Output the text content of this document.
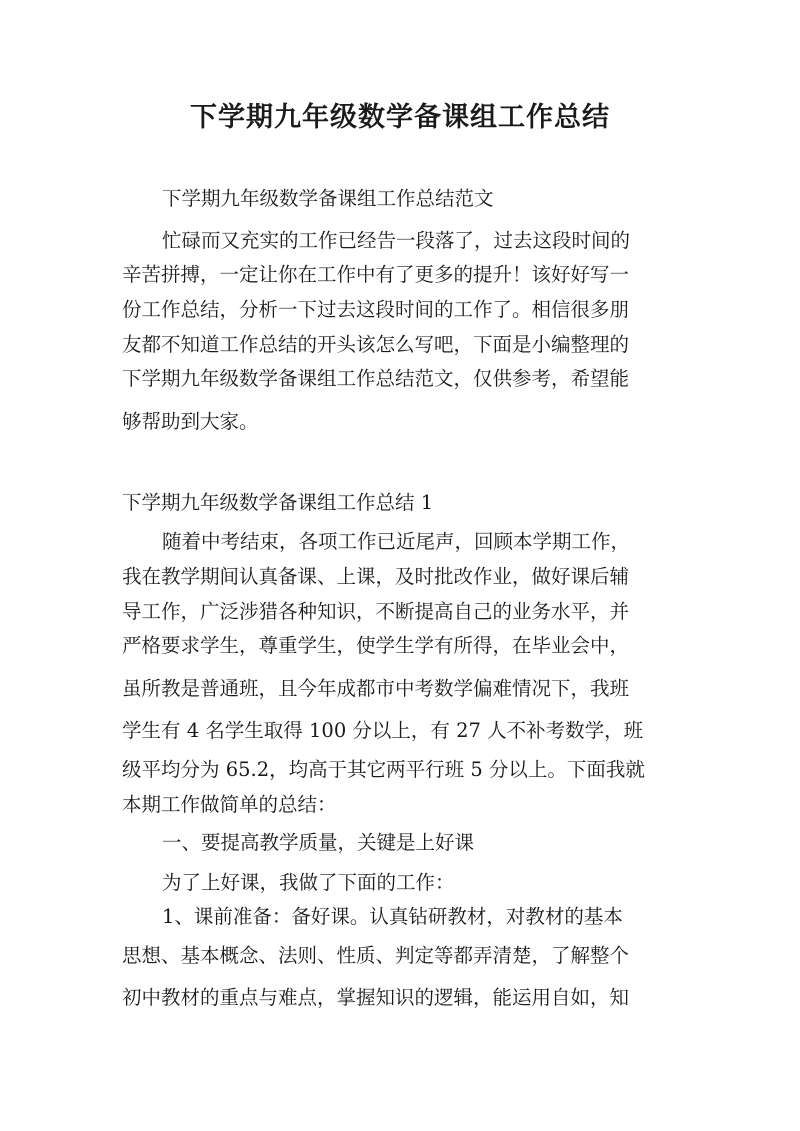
下学期九年级数学备课组工作总结

下学期九年级数学备课组工作总结范文

忙碌而又充实的工作已经告一段落了，过去这段时间的

辛苦拼搏，一定让你在工作中有了更多的提升！该好好写一

份工作总结，分析一下过去这段时间的工作了。相信很多朋

友都不知道工作总结的开头该怎么写吧，下面是小编整理的

下学期九年级数学备课组工作总结范文，仅供参考，希望能

够帮助到大家。

下学期九年级数学备课组工作总结 1

随着中考结束，各项工作已近尾声，回顾本学期工作，

我在教学期间认真备课、上课，及时批改作业，做好课后辅

导工作，广泛涉猎各种知识，不断提高自己的业务水平，并

严格要求学生，尊重学生，使学生学有所得，在毕业会中，

虽所教是普通班，且今年成都市中考数学偏难情况下，我班

学生有 4 名学生取得 100 分以上，有 27 人不补考数学，班

级平均分为 65.2，均高于其它两平行班 5 分以上。下面我就

本期工作做简单的总结：

一、要提高教学质量，关键是上好课

为了上好课，我做了下面的工作：

1、课前准备：备好课。认真钻研教材，对教材的基本

思想、基本概念、法则、性质、判定等都弄清楚，了解整个

初中教材的重点与难点，掌握知识的逻辑，能运用自如，知
